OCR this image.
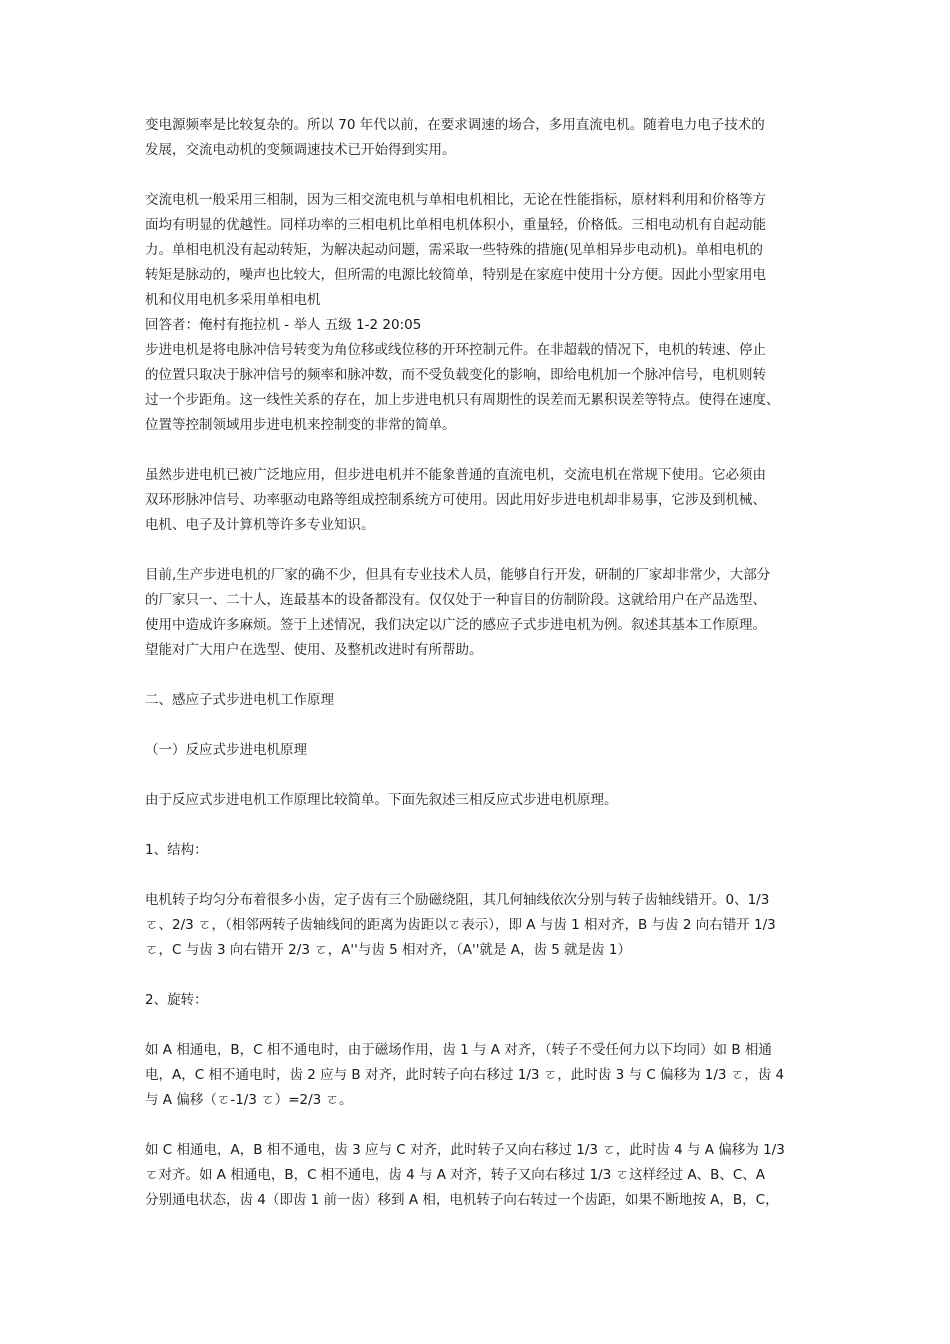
变电源频率是比较复杂的。所以 70 年代以前，在要求调速的场合，多用直流电机。随着电力电子技术的
发展，交流电动机的变频调速技术已开始得到实用。
交流电机一般采用三相制，因为三相交流电机与单相电机相比，无论在性能指标，原材料利用和价格等方
面均有明显的优越性。同样功率的三相电机比单相电机体积小，重量轻，价格低。三相电动机有自起动能
力。单相电机没有起动转矩，为解决起动问题，需采取一些特殊的措施(见单相异步电动机)。单相电机的
转矩是脉动的，噪声也比较大，但所需的电源比较简单，特别是在家庭中使用十分方便。因此小型家用电
机和仪用电机多采用单相电机
回答者：俺村有拖拉机 - 举人 五级 1-2 20:05
步进电机是将电脉冲信号转变为角位移或线位移的开环控制元件。在非超载的情况下，电机的转速、停止
的位置只取决于脉冲信号的频率和脉冲数，而不受负载变化的影响，即给电机加一个脉冲信号，电机则转
过一个步距角。这一线性关系的存在，加上步进电机只有周期性的误差而无累积误差等特点。使得在速度、
位置等控制领域用步进电机来控制变的非常的简单。
虽然步进电机已被广泛地应用，但步进电机并不能象普通的直流电机，交流电机在常规下使用。它必须由
双环形脉冲信号、功率驱动电路等组成控制系统方可使用。因此用好步进电机却非易事，它涉及到机械、
电机、电子及计算机等许多专业知识。
目前,生产步进电机的厂家的确不少，但具有专业技术人员，能够自行开发，研制的厂家却非常少，大部分
的厂家只一、二十人，连最基本的设备都没有。仅仅处于一种盲目的仿制阶段。这就给用户在产品选型、
使用中造成许多麻烦。签于上述情况，我们决定以广泛的感应子式步进电机为例。叙述其基本工作原理。
望能对广大用户在选型、使用、及整机改进时有所帮助。
二、感应子式步进电机工作原理
（一）反应式步进电机原理
由于反应式步进电机工作原理比较简单。下面先叙述三相反应式步进电机原理。
1、结构：
电机转子均匀分布着很多小齿，定子齿有三个励磁绕阻，其几何轴线依次分别与转子齿轴线错开。0、1/3
ㄛ、2/3 ㄛ，（相邻两转子齿轴线间的距离为齿距以ㄛ表示），即 A 与齿 1 相对齐，B 与齿 2 向右错开 1/3
ㄛ，C 与齿 3 向右错开 2/3 ㄛ，A''与齿 5 相对齐，（A''就是 A，齿 5 就是齿 1）
2、旋转：
如 A 相通电，B，C 相不通电时，由于磁场作用，齿 1 与 A 对齐，（转子不受任何力以下均同）如 B 相通
电，A，C 相不通电时，齿 2 应与 B 对齐，此时转子向右移过 1/3 ㄛ，此时齿 3 与 C 偏移为 1/3 ㄛ，齿 4
与 A 偏移（ㄛ-1/3 ㄛ）=2/3 ㄛ。
如 C 相通电，A，B 相不通电，齿 3 应与 C 对齐，此时转子又向右移过 1/3 ㄛ，此时齿 4 与 A 偏移为 1/3
ㄛ对齐。如 A 相通电，B，C 相不通电，齿 4 与 A 对齐，转子又向右移过 1/3 ㄛ这样经过 A、B、C、A
分别通电状态，齿 4（即齿 1 前一齿）移到 A 相，电机转子向右转过一个齿距，如果不断地按 A，B，C，
